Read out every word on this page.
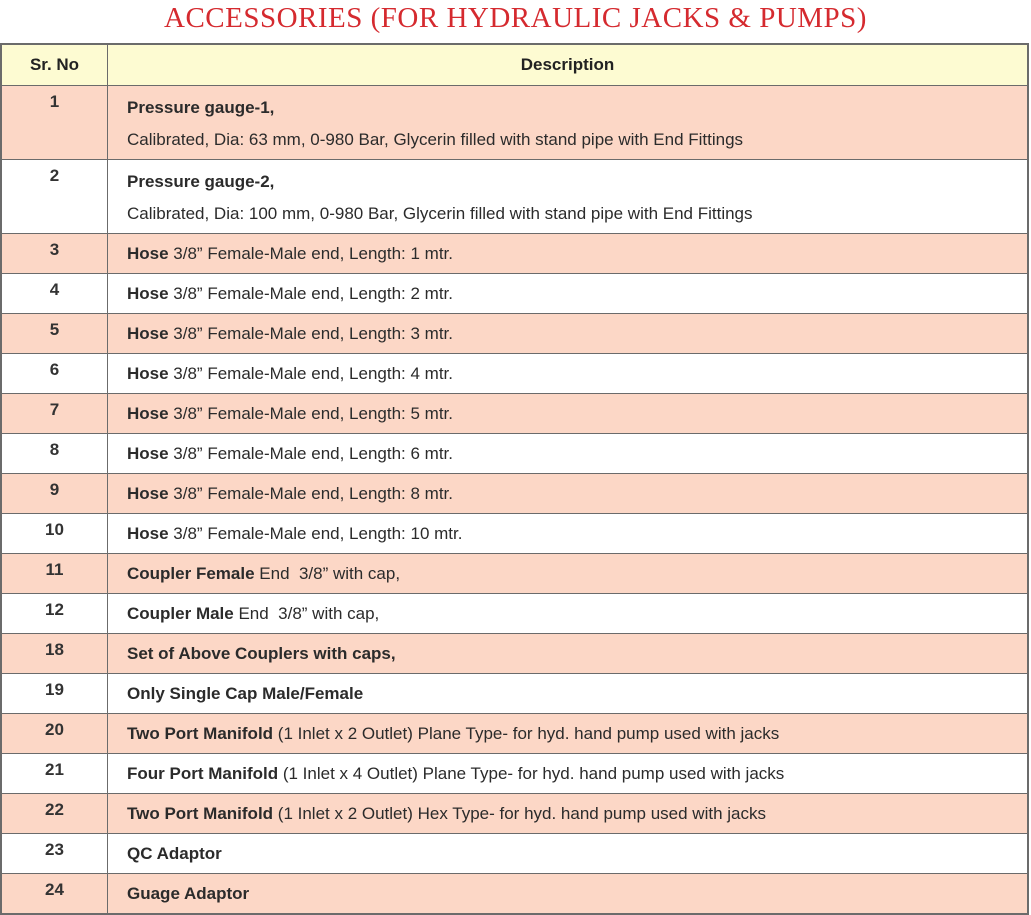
ACCESSORIES (FOR HYDRAULIC JACKS & PUMPS)
Sr. No	Description
1	Pressure gauge-1,
Calibrated, Dia: 63 mm, 0-980 Bar, Glycerin filled with stand pipe with End Fittings

2	Pressure gauge-2,
Calibrated, Dia: 100 mm, 0-980 Bar, Glycerin filled with stand pipe with End Fittings

3	Hose 3/8” Female-Male end, Length: 1 mtr.
4	Hose 3/8” Female-Male end, Length: 2 mtr.
5	Hose 3/8” Female-Male end, Length: 3 mtr.
6	Hose 3/8” Female-Male end, Length: 4 mtr.
7	Hose 3/8” Female-Male end, Length: 5 mtr.
8	Hose 3/8” Female-Male end, Length: 6 mtr.
9	Hose 3/8” Female-Male end, Length: 8 mtr.
10	Hose 3/8” Female-Male end, Length: 10 mtr.
11	Coupler Female End  3/8” with cap,
12	Coupler Male End  3/8” with cap,
18	Set of Above Couplers with caps,
19	Only Single Cap Male/Female
20	Two Port Manifold (1 Inlet x 2 Outlet) Plane Type- for hyd. hand pump used with jacks
21	Four Port Manifold (1 Inlet x 4 Outlet) Plane Type- for hyd. hand pump used with jacks
22	Two Port Manifold (1 Inlet x 2 Outlet) Hex Type- for hyd. hand pump used with jacks
23	QC Adaptor
24	Guage Adaptor
